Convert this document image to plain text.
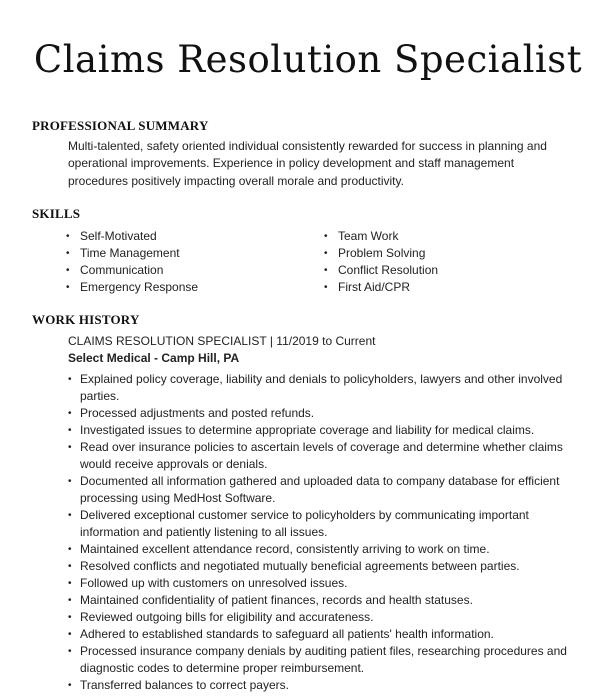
Claims Resolution Specialist
PROFESSIONAL SUMMARY
Multi-talented, safety oriented individual consistently rewarded for success in planning and operational improvements. Experience in policy development and staff management procedures positively impacting overall morale and productivity.
SKILLS
• Self-Motivated
• Time Management
• Communication
• Emergency Response
• Team Work
• Problem Solving
• Conflict Resolution
• First Aid/CPR
WORK HISTORY
CLAIMS RESOLUTION SPECIALIST | 11/2019 to Current
Select Medical - Camp Hill, PA
• Explained policy coverage, liability and denials to policyholders, lawyers and other involved parties.
• Processed adjustments and posted refunds.
• Investigated issues to determine appropriate coverage and liability for medical claims.
• Read over insurance policies to ascertain levels of coverage and determine whether claims would receive approvals or denials.
• Documented all information gathered and uploaded data to company database for efficient processing using MedHost Software.
• Delivered exceptional customer service to policyholders by communicating important information and patiently listening to all issues.
• Maintained excellent attendance record, consistently arriving to work on time.
• Resolved conflicts and negotiated mutually beneficial agreements between parties.
• Followed up with customers on unresolved issues.
• Maintained confidentiality of patient finances, records and health statuses.
• Reviewed outgoing bills for eligibility and accurateness.
• Adhered to established standards to safeguard all patients' health information.
• Processed insurance company denials by auditing patient files, researching procedures and diagnostic codes to determine proper reimbursement.
• Transferred balances to correct payers.
